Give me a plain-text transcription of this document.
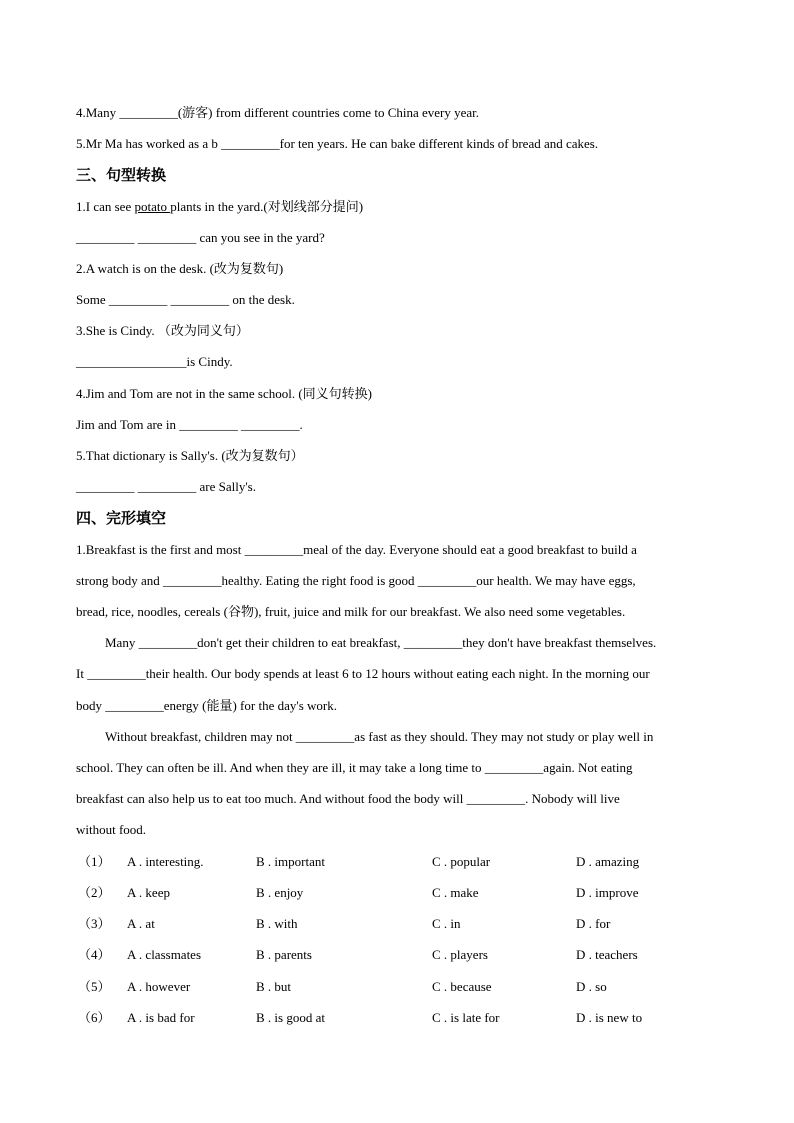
4.Many _________(游客) from different countries come to China every year.
5.Mr Ma has worked as a b _________for ten years. He can bake different kinds of bread and cakes.
三、句型转换
1.I can see potato plants in the yard.(对划线部分提问)
_________ _________ can you see in the yard?
2.A watch is on the desk. (改为复数句)
Some _________ _________ on the desk.
3.She is Cindy. （改为同义句）
_________________is Cindy.
4.Jim and Tom are not in the same school. (同义句转换)
Jim and Tom are in _________ _________.
5.That dictionary is Sally's. (改为复数句）
_________ _________ are Sally's.
四、完形填空
1.Breakfast is the first and most _________meal of the day. Everyone should eat a good breakfast to build a
strong body and _________healthy. Eating the right food is good _________our health. We may have eggs,
bread, rice, noodles, cereals (谷物), fruit, juice and milk for our breakfast. We also need some vegetables.
Many _________don't get their children to eat breakfast, _________they don't have breakfast themselves.
It _________their health. Our body spends at least 6 to 12 hours without eating each night. In the morning our
body _________energy (能量) for the day's work.
Without breakfast, children may not _________as fast as they should. They may not study or play well in
school. They can often be ill. And when they are ill, it may take a long time to _________again. Not eating
breakfast can also help us to eat too much. And without food the body will _________. Nobody will live
without food.
（1） A . interesting.	B . important	C . popular	D . amazing
（2） A . keep	B . enjoy	C . make	D . improve
（3） A . at	B . with	C . in	D . for
（4） A . classmates	B . parents	C . players	D . teachers
（5） A . however	B . but	C . because	D . so
（6） A . is bad for	B . is good at	C . is late for	D . is new to
